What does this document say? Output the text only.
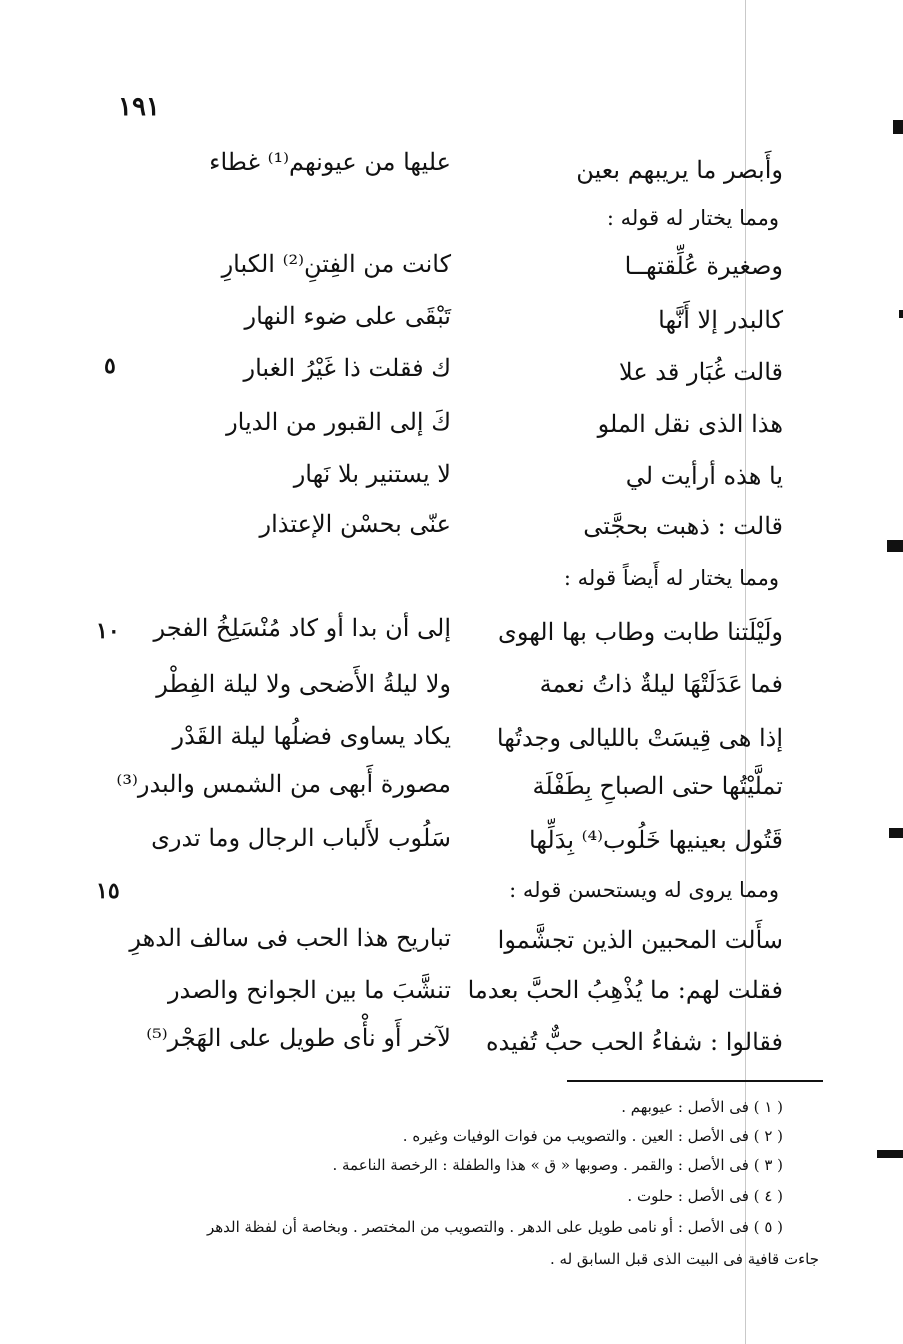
١٩١
٥
١٠
١٥
وأَبصر ما يريبهم بعين
عليها من عيونهم⁽¹⁾ غطاء
ومما يختار له قوله :
وصغيرة عُلِّقتهــا
كانت من الفِتنِ⁽²⁾ الكبارِ
كالبدر إلا أَنَّها
تَبْقَى على ضوء النهار
قالت غُبَار قد علا
ك فقلت ذا غَيْرُ الغبار
هذا الذى نقل الملو
كَ إلى القبور من الديار
يا هذه أرأيت لي
لا يستنير بلا نَهار
قالت : ذهبت بحجَّتى
عنّى بحسْن الإعتذار
ومما يختار له أَيضاً قوله :
ولَيْلَتنا طابت وطاب بها الهوى
إلى أن بدا أو كاد مُنْسَلِخُ الفجر
فما عَدَلَتْهَا ليلةٌ ذاتُ نعمة
ولا ليلةُ الأَضحى ولا ليلة الفِطْر
إذا هى قِيسَتْ بالليالى وجدتُها
يكاد يساوى فضلُها ليلة القَدْر
تملَّيْتُها حتى الصباحِ بِطَفْلَة
مصورة أَبهى من الشمس والبدر⁽³⁾
قَتُول بعينيها خَلُوب⁽⁴⁾ بِدَلِّها
سَلُوب لأَلباب الرجال وما تدرى
ومما يروى له ويستحسن قوله :
سأَلت المحبين الذين تجشَّموا
تباريح هذا الحب فى سالف الدهرِ
فقلت لهم: ما يُذْهِبُ الحبَّ بعدما
تنشَّبَ ما بين الجوانح والصدر
فقالوا : شفاءُ الحب حبٌّ تُفيده
لآخر أَو نأْى طويل على الهَجْر⁽⁵⁾
( ١ ) فى الأصل : عيوبهم .
( ٢ ) فى الأصل : العين . والتصويب من فوات الوفيات وغيره .
( ٣ ) فى الأصل : والقمر . وصوبها « ق » هذا والطفلة : الرخصة الناعمة .
( ٤ ) فى الأصل : حلوت .
( ٥ ) فى الأصل : أو نامى طويل على الدهر . والتصويب من المختصر . وبخاصة أن لفظة الدهر
جاءت قافية فى البيت الذى قبل السابق له .
